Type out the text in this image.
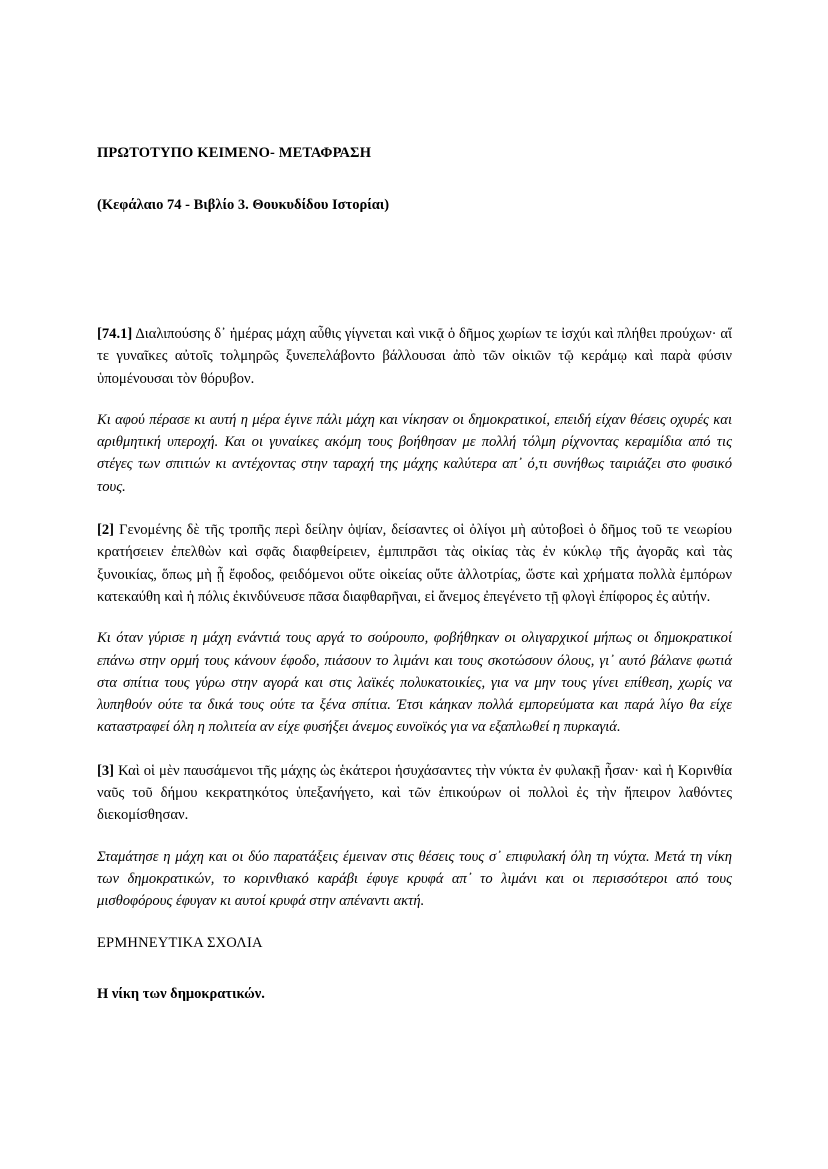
ΠΡΩΤΟΤΥΠΟ ΚΕΙΜΕΝΟ- ΜΕΤΑΦΡΑΣΗ
(Κεφάλαιο 74 - Βιβλίο 3. Θουκυδίδου Ιστορίαι)

[74.1] Διαλιπούσης δ᾽ ἡμέρας μάχη αὖθις γίγνεται καὶ νικᾷ ὁ δῆμος χωρίων τε ἰσχύι καὶ πλήθει προύχων· αἵ τε γυναῖκες αὐτοῖς τολμηρῶς ξυνεπελάβοντο βάλλουσαι ἀπὸ τῶν οἰκιῶν τῷ κεράμῳ καὶ παρὰ φύσιν ὑπομένουσαι τὸν θόρυβον.

Κι αφού πέρασε κι αυτή η μέρα έγινε πάλι μάχη και νίκησαν οι δημοκρατικοί, επειδή είχαν θέσεις οχυρές και αριθμητική υπεροχή. Και οι γυναίκες ακόμη τους βοήθησαν με πολλή τόλμη ρίχνοντας κεραμίδια από τις στέγες των σπιτιών κι αντέχοντας στην ταραχή της μάχης καλύτερα απ᾽ ό,τι συνήθως ταιριάζει στο φυσικό τους.

[2] Γενομένης δὲ τῆς τροπῆς περὶ δείλην ὀψίαν, δείσαντες οἱ ὀλίγοι μὴ αὐτοβοεὶ ὁ δῆμος τοῦ τε νεωρίου κρατήσειεν ἐπελθὼν καὶ σφᾶς διαφθείρειεν, ἐμπιπρᾶσι τὰς οἰκίας τὰς ἐν κύκλῳ τῆς ἀγορᾶς καὶ τὰς ξυνοικίας, ὅπως μὴ ᾖ ἔφοδος, φειδόμενοι οὔτε οἰκείας οὔτε ἀλλοτρίας, ὥστε καὶ χρήματα πολλὰ ἐμπόρων κατεκαύθη καὶ ἡ πόλις ἐκινδύνευσε πᾶσα διαφθαρῆναι, εἰ ἄνεμος ἐπεγένετο τῇ φλογὶ ἐπίφορος ἐς αὐτήν.

Κι όταν γύρισε η μάχη ενάντιά τους αργά το σούρουπο, φοβήθηκαν οι ολιγαρχικοί μήπως οι δημοκρατικοί επάνω στην ορμή τους κάνουν έφοδο, πιάσουν το λιμάνι και τους σκοτώσουν όλους, γι᾽ αυτό βάλανε φωτιά στα σπίτια τους γύρω στην αγορά και στις λαϊκές πολυκατοικίες, για να μην τους γίνει επίθεση, χωρίς να λυπηθούν ούτε τα δικά τους ούτε τα ξένα σπίτια. Έτσι κάηκαν πολλά εμπορεύματα και παρά λίγο θα είχε καταστραφεί όλη η πολιτεία αν είχε φυσήξει άνεμος ευνοϊκός για να εξαπλωθεί η πυρκαγιά.

[3] Καὶ οἱ μὲν παυσάμενοι τῆς μάχης ὡς ἑκάτεροι ἡσυχάσαντες τὴν νύκτα ἐν φυλακῇ ἦσαν· καὶ ἡ Κορινθία ναῦς τοῦ δήμου κεκρατηκότος ὑπεξανήγετο, καὶ τῶν ἐπικούρων οἱ πολλοὶ ἐς τὴν ἤπειρον λαθόντες διεκομίσθησαν.

Σταμάτησε η μάχη και οι δύο παρατάξεις έμειναν στις θέσεις τους σ᾽ επιφυλακή όλη τη νύχτα. Μετά τη νίκη των δημοκρατικών, το κορινθιακό καράβι έφυγε κρυφά απ᾽ το λιμάνι και οι περισσότεροι από τους μισθοφόρους έφυγαν κι αυτοί κρυφά στην απέναντι ακτή.

ΕΡΜΗΝΕΥΤΙΚΑ ΣΧΟΛΙΑ
Η νίκη των δημοκρατικών.
